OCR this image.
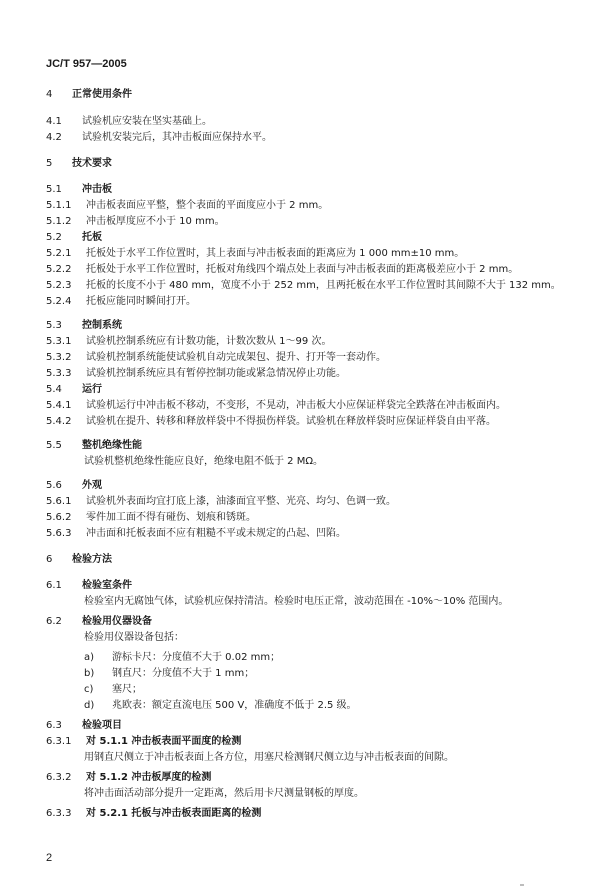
JC/T 957—2005
4 正常使用条件
4.1 试验机应安装在坚实基础上。
4.2 试验机安装完后，其冲击板面应保持水平。
5 技术要求
5.1 冲击板
5.1.1 冲击板表面应平整，整个表面的平面度应小于 2 mm。
5.1.2 冲击板厚度应不小于 10 mm。
5.2 托板
5.2.1 托板处于水平工作位置时，其上表面与冲击板表面的距离应为 1 000 mm±10 mm。
5.2.2 托板处于水平工作位置时，托板对角线四个端点处上表面与冲击板表面的距离极差应小于 2 mm。
5.2.3 托板的长度不小于 480 mm，宽度不小于 252 mm，且两托板在水平工作位置时其间隙不大于 132 mm。
5.2.4 托板应能同时瞬间打开。
5.3 控制系统
5.3.1 试验机控制系统应有计数功能，计数次数从 1～99 次。
5.3.2 试验机控制系统能使试验机自动完成架包、提升、打开等一套动作。
5.3.3 试验机控制系统应具有暂停控制功能或紧急情况停止功能。
5.4 运行
5.4.1 试验机运行中冲击板不移动，不变形，不晃动，冲击板大小应保证样袋完全跌落在冲击板面内。
5.4.2 试验机在提升、转移和释放样袋中不得损伤样袋。试验机在释放样袋时应保证样袋自由平落。
5.5 整机绝缘性能
试验机整机绝缘性能应良好，绝缘电阻不低于 2 MΩ。
5.6 外观
5.6.1 试验机外表面均宜打底上漆，油漆面宜平整、光亮、均匀、色调一致。
5.6.2 零件加工面不得有碰伤、划痕和锈斑。
5.6.3 冲击面和托板表面不应有粗糙不平或未规定的凸起、凹陷。
6 检验方法
6.1 检验室条件
检验室内无腐蚀气体，试验机应保持清洁。检验时电压正常，波动范围在 -10%～10% 范围内。
6.2 检验用仪器设备
检验用仪器设备包括：
a) 游标卡尺：分度值不大于 0.02 mm；
b) 钢直尺：分度值不大于 1 mm；
c) 塞尺；
d) 兆欧表：额定直流电压 500 V，准确度不低于 2.5 级。
6.3 检验项目
6.3.1 对 5.1.1 冲击板表面平面度的检测
用钢直尺侧立于冲击板表面上各方位，用塞尺检测钢尺侧立边与冲击板表面的间隙。
6.3.2 对 5.1.2 冲击板厚度的检测
将冲击面活动部分提升一定距离，然后用卡尺测量钢板的厚度。
6.3.3 对 5.2.1 托板与冲击板表面距离的检测
2
